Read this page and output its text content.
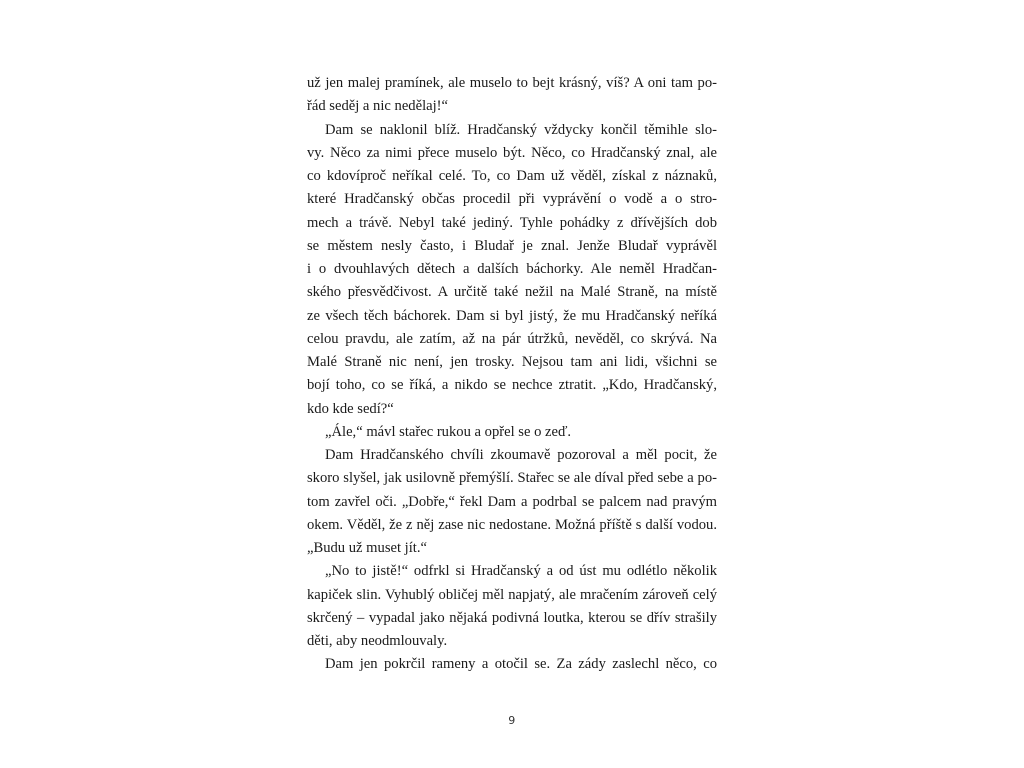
už jen malej pramínek, ale muselo to bejt krásný, víš? A oni tam po-
řád seděj a nic nedělaj!“
Dam se naklonil blíž. Hradčanský vždycky končil těmihle slo-
vy. Něco za nimi přece muselo být. Něco, co Hradčanský znal, ale
co kdovíproč neříkal celé. To, co Dam už věděl, získal z náznaků,
které Hradčanský občas procedil při vyprávění o vodě a o stro-
mech a trávě. Nebyl také jediný. Tyhle pohádky z dřívějších dob
se městem nesly často, i Bludař je znal. Jenže Bludař vyprávěl
i o dvouhlavých dětech a dalších báchorky. Ale neměl Hradčan-
ského přesvědčivost. A určitě také nežil na Malé Straně, na místě
ze všech těch báchorek. Dam si byl jistý, že mu Hradčanský neříká
celou pravdu, ale zatím, až na pár útržků, nevěděl, co skrývá. Na
Malé Straně nic není, jen trosky. Nejsou tam ani lidi, všichni se
bojí toho, co se říká, a nikdo se nechce ztratit. „Kdo, Hradčanský,
kdo kde sedí?“
„Ále,“ mávl stařec rukou a opřel se o zeď.
Dam Hradčanského chvíli zkoumavě pozoroval a měl pocit, že
skoro slyšel, jak usilovně přemýšlí. Stařec se ale díval před sebe a po-
tom zavřel oči. „Dobře,“ řekl Dam a podrbal se palcem nad pravým
okem. Věděl, že z něj zase nic nedostane. Možná příště s další vodou.
„Budu už muset jít.“
„No to jistě!“ odfrkl si Hradčanský a od úst mu odlétlo několik
kapiček slin. Vyhublý obličej měl napjatý, ale mračením zároveň celý
skrčený – vypadal jako nějaká podivná loutka, kterou se dřív strašily
děti, aby neodmlouvaly.
Dam jen pokrčil rameny a otočil se. Za zády zaslechl něco, co
9
